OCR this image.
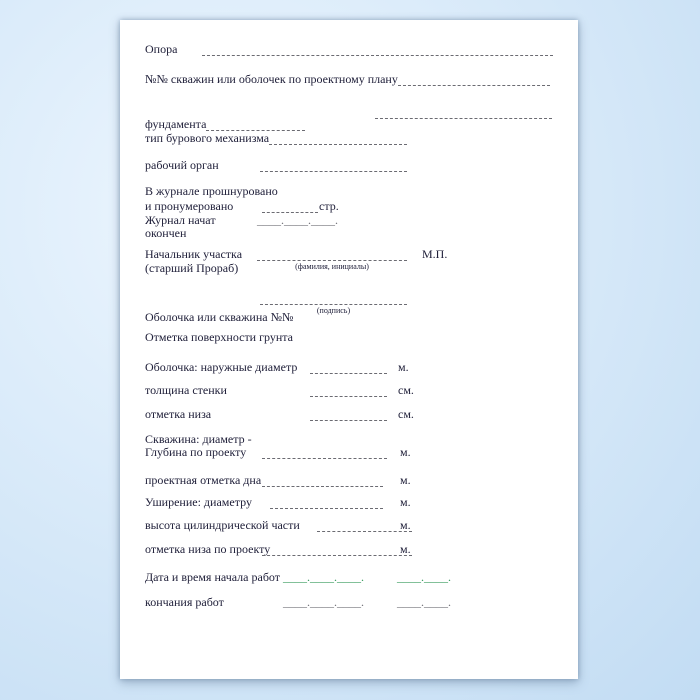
Опора
№№ скважин или оболочек по проектному плану
фундамента
тип бурового механизма
рабочий орган
В журнале прошнуровано
и пронумеровано	стр.
Журнал начат	____.____.____.
окончен
Начальник участка	М.П.
(старший Прораб)	(фамилия, инициалы)
(подпись)
Оболочка или скважина №№
Отметка поверхности грунта
Оболочка: наружные диаметр	м.
толщина стенки	см.
отметка низа	см.
Скважина: диаметр -
Глубина по проекту	м.
проектная отметка дна	м.
Уширение: диаметру	м.
высота цилиндрической части	м.
отметка низа по проекту	м.
Дата и время начала работ ____.____.____.	____.____.
кончания работ	____.____.____.	____.____.
